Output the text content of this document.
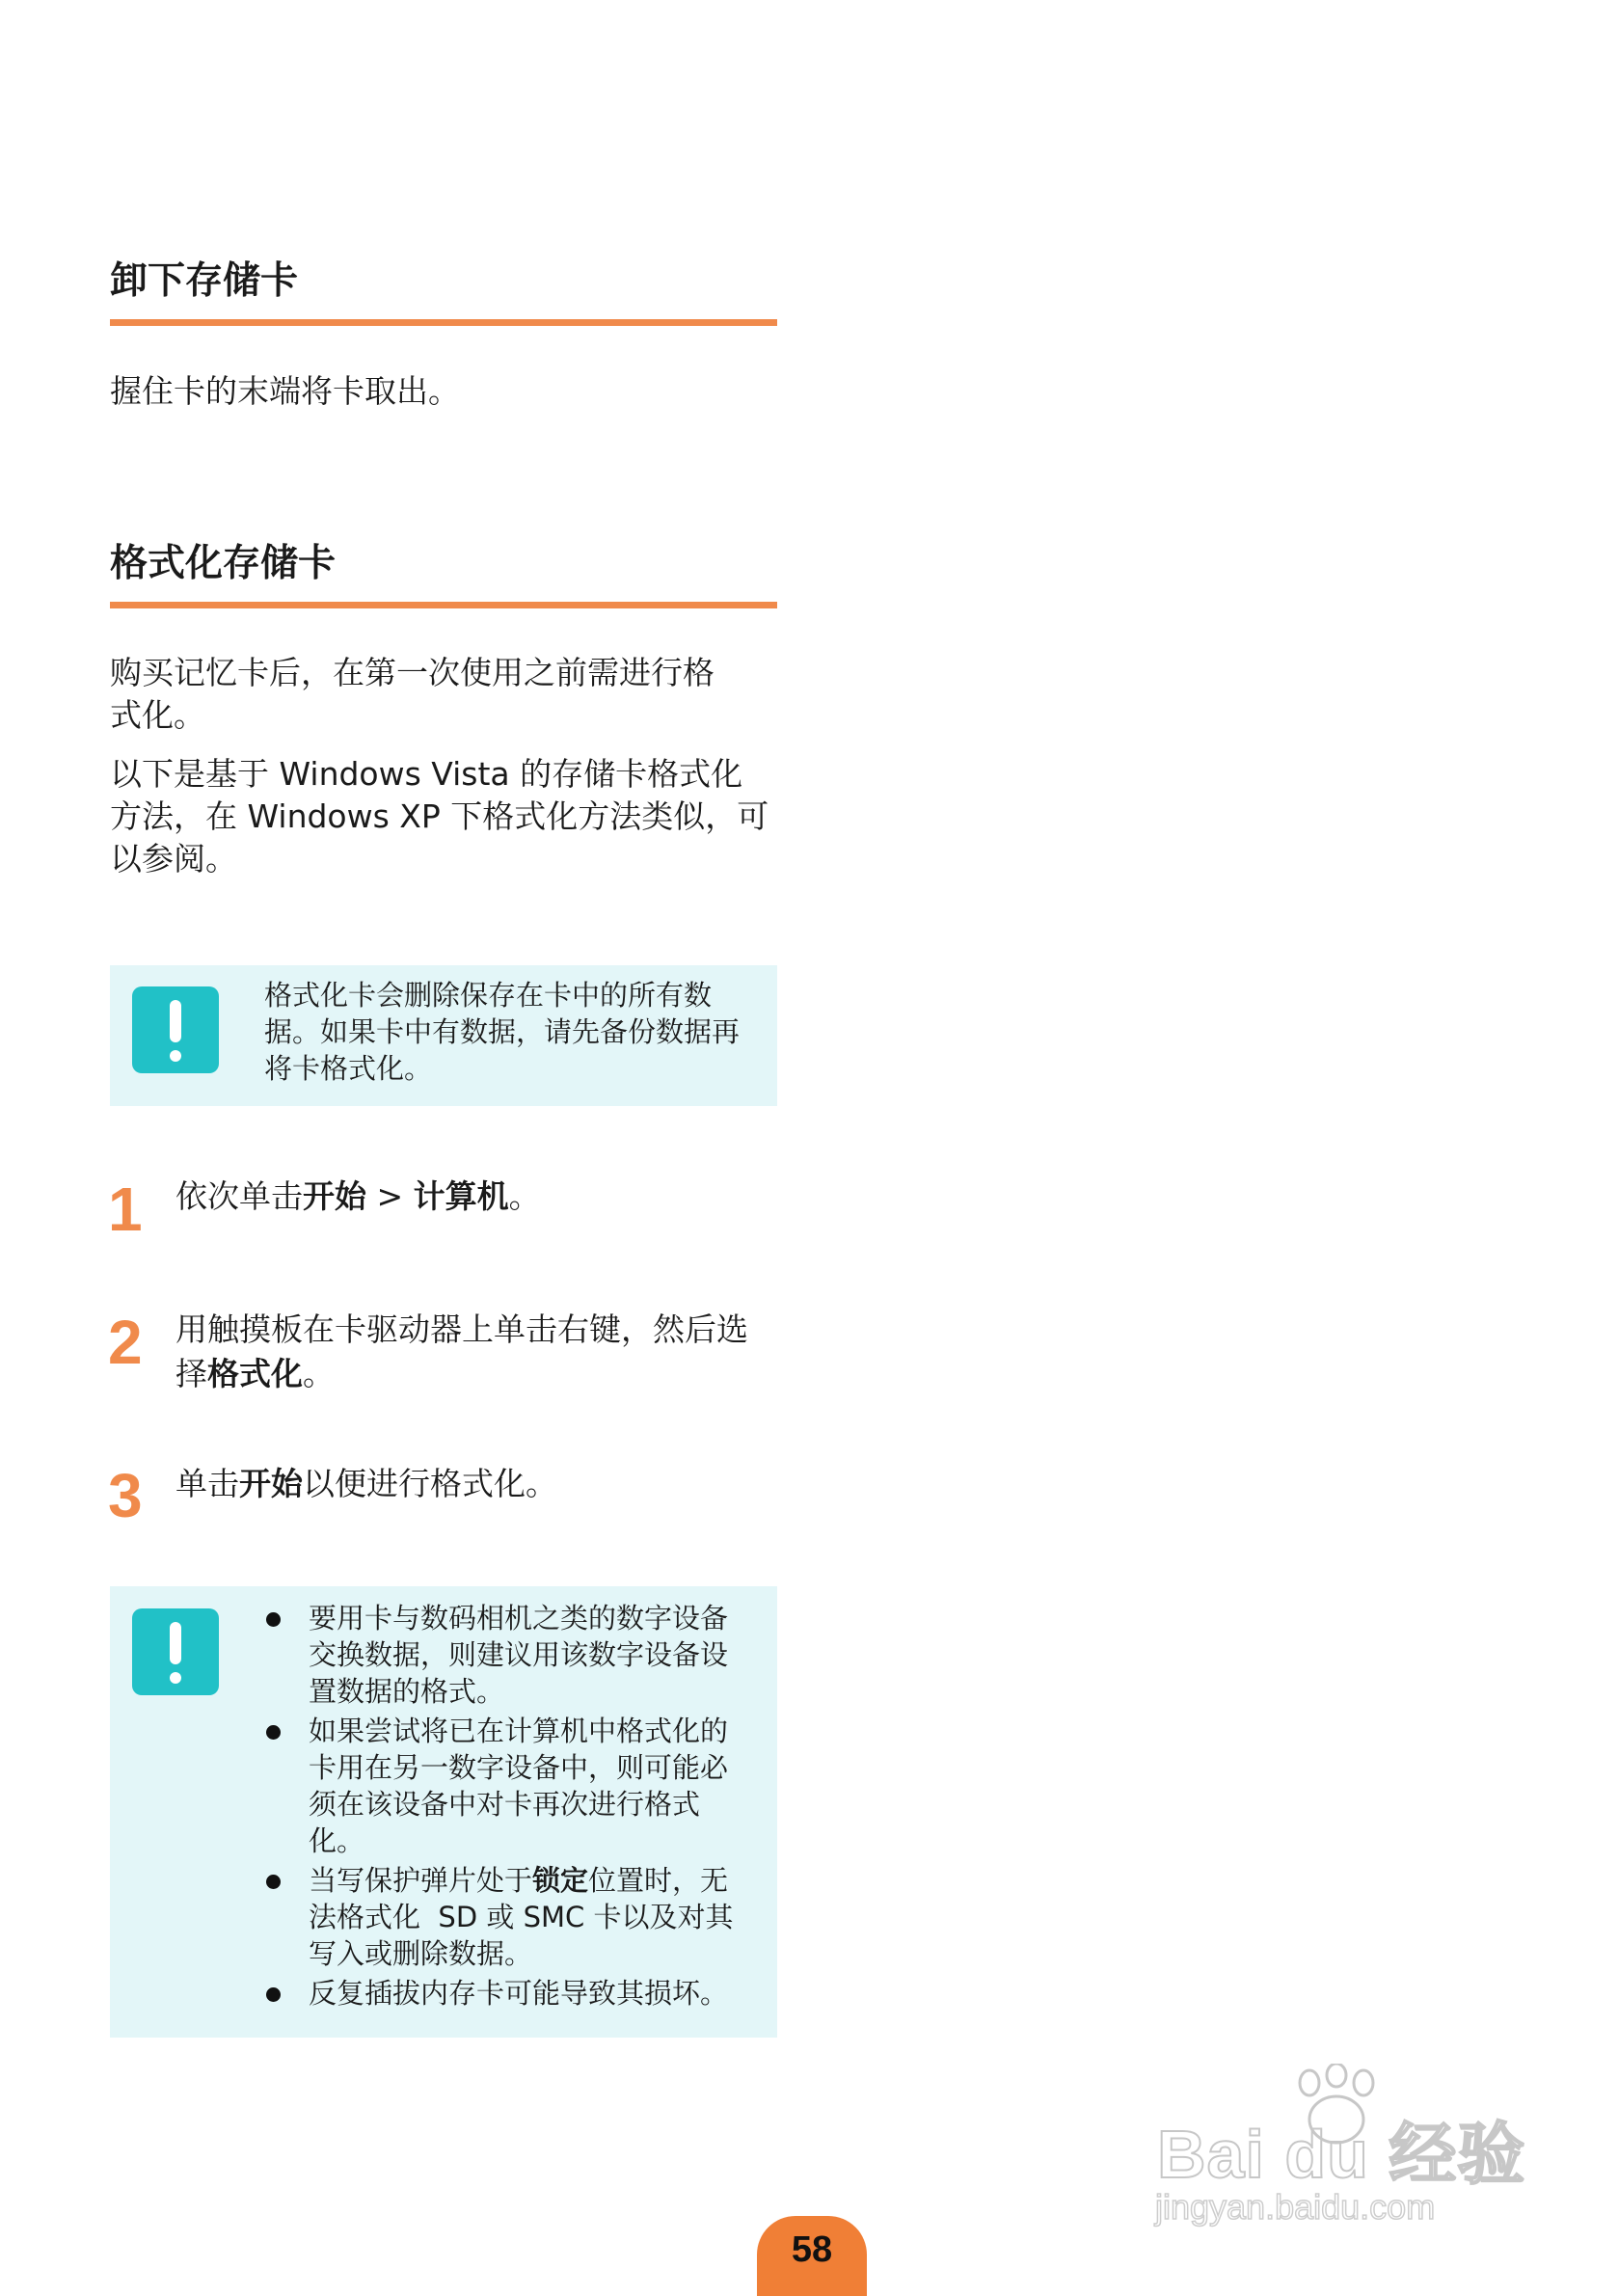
卸下存储卡
握住卡的末端将卡取出。
格式化存储卡
购买记忆卡后，在第一次使用之前需进行格
式化。
以下是基于 Windows Vista 的存储卡格式化
方法，在 Windows XP 下格式化方法类似，可
以参阅。
格式化卡会删除保存在卡中的所有数
据。如果卡中有数据，请先备份数据再
将卡格式化。
1 依次单击开始 > 计算机。
2 用触摸板在卡驱动器上单击右键，然后选
择格式化。
3 单击开始以便进行格式化。
要用卡与数码相机之类的数字设备
交换数据，则建议用该数字设备设
置数据的格式。
如果尝试将已在计算机中格式化的
卡用在另一数字设备中，则可能必
须在该设备中对卡再次进行格式
化。
当写保护弹片处于锁定位置时，无
法格式化  SD 或 SMC 卡以及对其
写入或删除数据。
反复插拔内存卡可能导致其损坏。
Bai du 经验
jingyan.baidu.com
58
